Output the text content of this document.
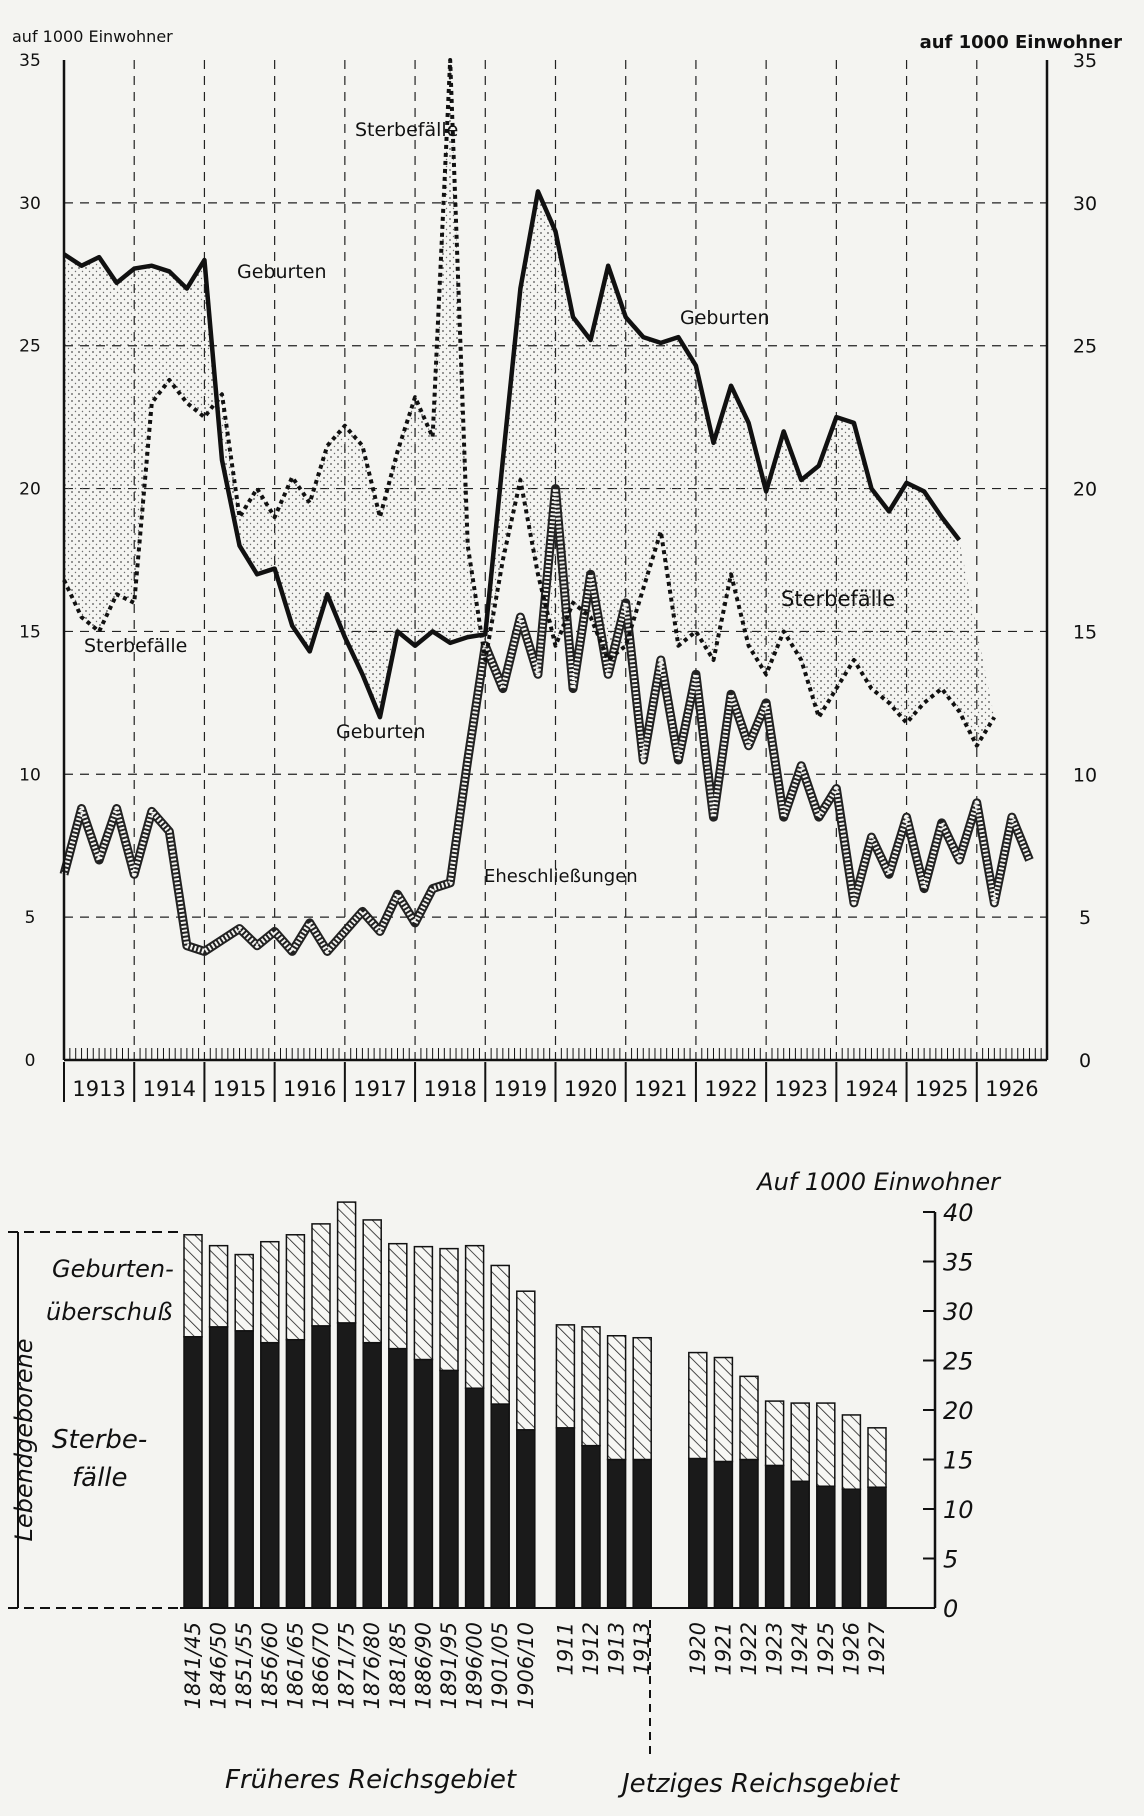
35
30
25
20
15
10
5
0
35
30
25
20
15
10
5
0
1913 1914 1915 1916 1917 1918 1919 1920 1921 1922 1923 1924 1925 1926
auf 1000 Einwohner	auf 1000 Einwohner
Sterbefälle
Geburten
Geburten
Sterbefälle
Sterbefälle
Geburten
Eheschließungen
40
35
30
25
20
15
10
5
0
1841/45 1846/50 1851/55 1856/60 1861/65 1866/70 1871/75 1876/80 1881/85 1886/90 1891/95 1896/00 1901/05 1906/10 1911 1912 1913 1913 1920 1921 1922 1923 1924 1925 1926 1927
Auf 1000 Einwohner
Geburten-
überschuß
Sterbe-
fälle
Lebendgeborene
Früheres Reichsgebiet	Jetziges Reichsgebiet
